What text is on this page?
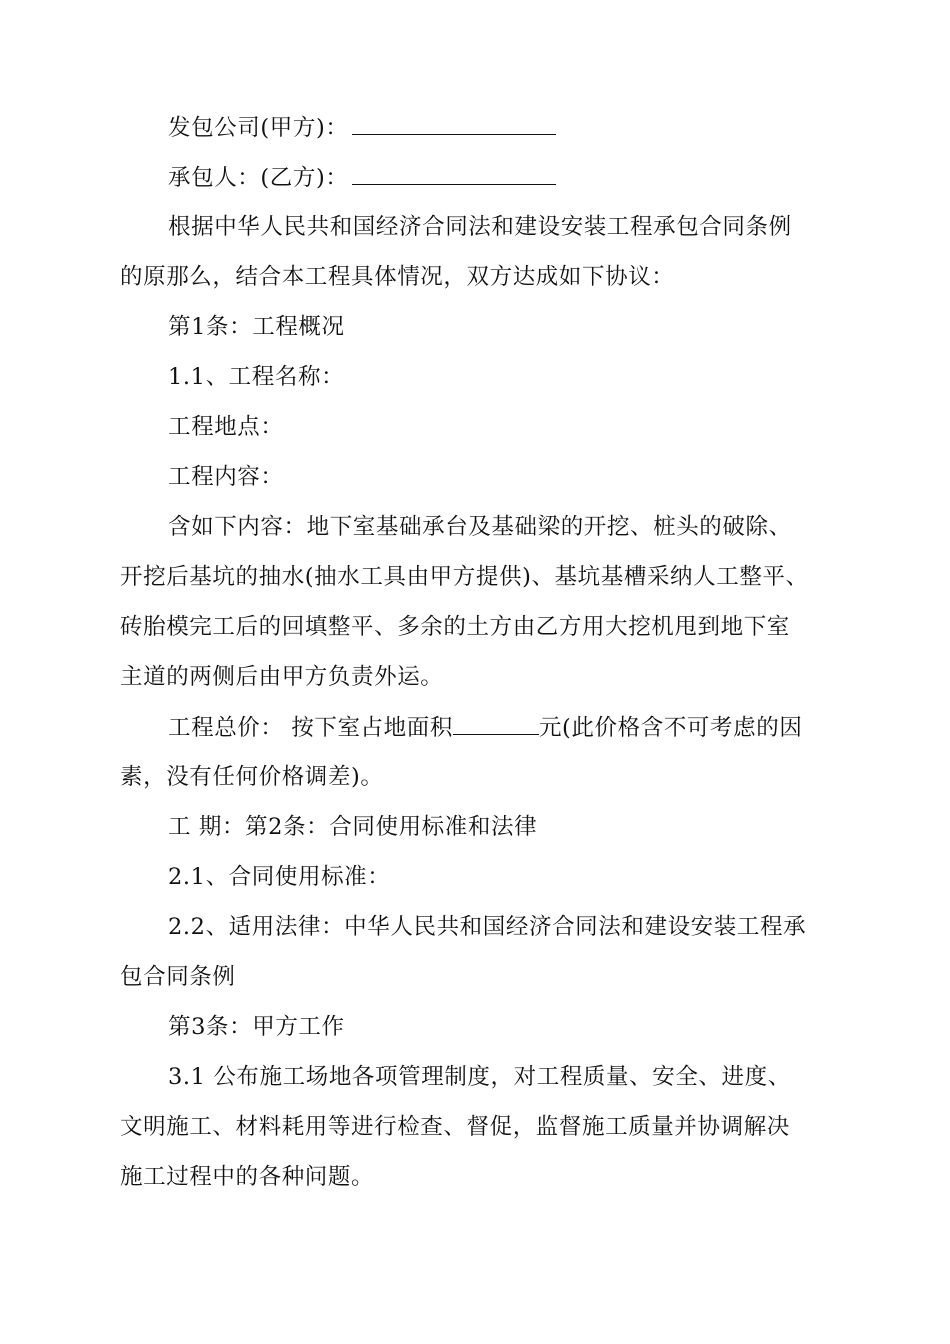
发包公司(甲方)：
承包人：(乙方)：
根据中华人民共和国经济合同法和建设安装工程承包合同条例
的原那么，结合本工程具体情况，双方达成如下协议：
第1条：工程概况
1.1、工程名称：
工程地点：
工程内容：
含如下内容：地下室基础承台及基础梁的开挖、桩头的破除、
开挖后基坑的抽水(抽水工具由甲方提供)、基坑基槽采纳人工整平、
砖胎模完工后的回填整平、多余的土方由乙方用大挖机甩到地下室
主道的两侧后由甲方负责外运。
工程总价： 按下室占地面积	元(此价格含不可考虑的因
素，没有任何价格调差)。
工 期：第2条：合同使用标准和法律
2.1、合同使用标准：
2.2、适用法律：中华人民共和国经济合同法和建设安装工程承
包合同条例
第3条：甲方工作
3.1 公布施工场地各项管理制度，对工程质量、安全、进度、
文明施工、材料耗用等进行检查、督促，监督施工质量并协调解决
施工过程中的各种问题。
